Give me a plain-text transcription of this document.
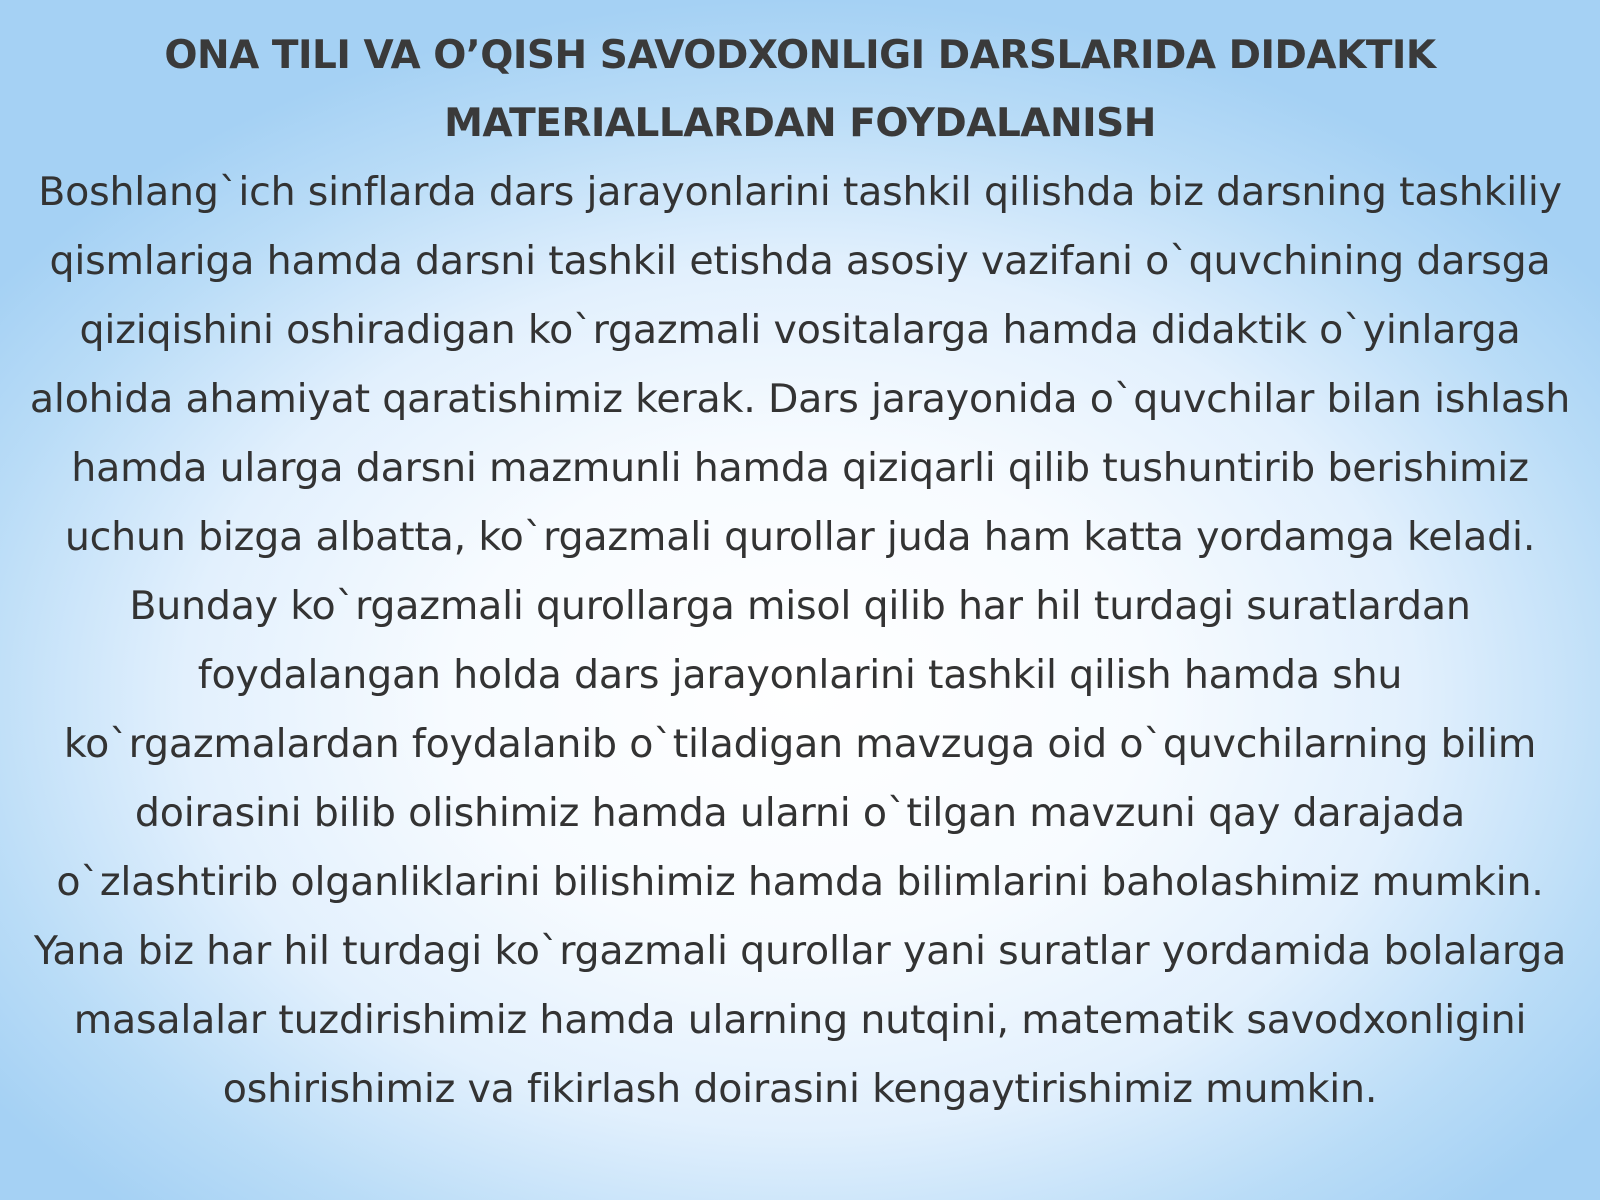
ONA TILI VA O’QISH SAVODXONLIGI DARSLARIDA DIDAKTIK
MATERIALLARDAN FOYDALANISH

Boshlang`ich sinflarda dars jarayonlarini tashkil qilishda biz darsning tashkiliy
qismlariga hamda darsni tashkil etishda asosiy vazifani o`quvchining darsga
qiziqishini oshiradigan ko`rgazmali vositalarga hamda didaktik o`yinlarga
alohida ahamiyat qaratishimiz kerak. Dars jarayonida o`quvchilar bilan ishlash
hamda ularga darsni mazmunli hamda qiziqarli qilib tushuntirib berishimiz
uchun bizga albatta, ko`rgazmali qurollar juda ham katta yordamga keladi.
Bunday ko`rgazmali qurollarga misol qilib har hil turdagi suratlardan
foydalangan holda dars jarayonlarini tashkil qilish hamda shu
ko`rgazmalardan foydalanib o`tiladigan mavzuga oid o`quvchilarning bilim
doirasini bilib olishimiz hamda ularni o`tilgan mavzuni qay darajada
o`zlashtirib olganliklarini bilishimiz hamda bilimlarini baholashimiz mumkin.
Yana biz har hil turdagi ko`rgazmali qurollar yani suratlar yordamida bolalarga
masalalar tuzdirishimiz hamda ularning nutqini, matematik savodxonligini
oshirishimiz va fikirlash doirasini kengaytirishimiz mumkin.
